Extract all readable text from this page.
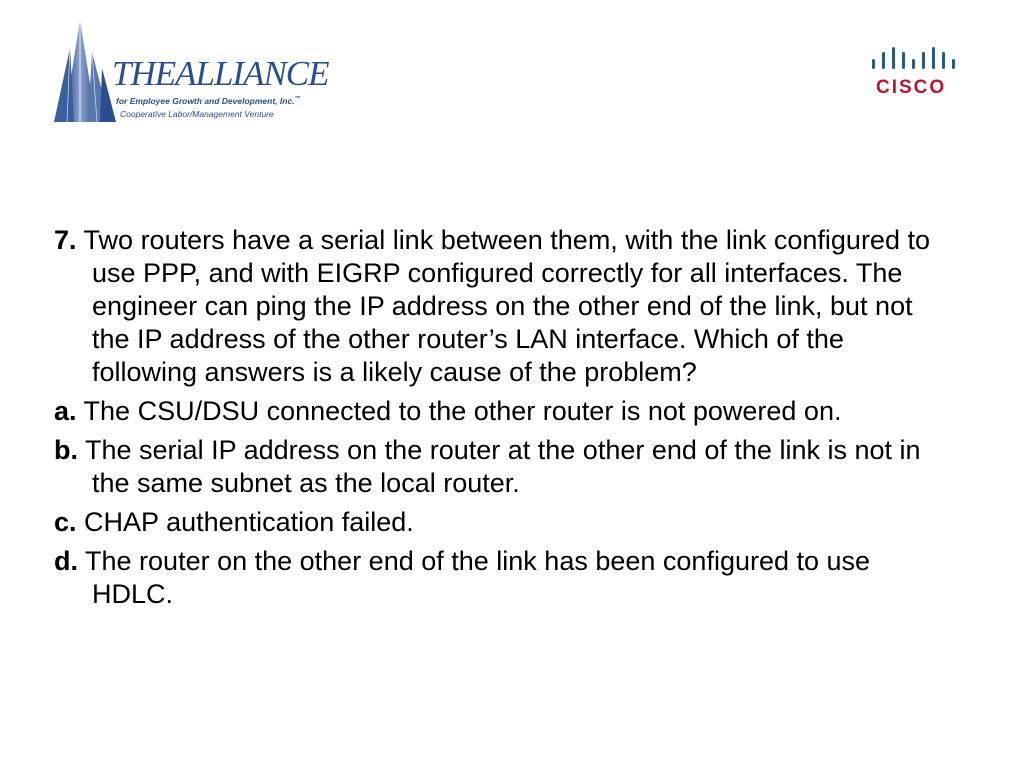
THEALLIANCE
for Employee Growth and Development, Inc.™
Cooperative Labor/Management Venture
CISCO

7. Two routers have a serial link between them, with the link configured to use PPP, and with EIGRP configured correctly for all interfaces. The engineer can ping the IP address on the other end of the link, but not the IP address of the other router’s LAN interface. Which of the following answers is a likely cause of the problem?

a. The CSU/DSU connected to the other router is not powered on.

b. The serial IP address on the router at the other end of the link is not in the same subnet as the local router.

c. CHAP authentication failed.

d. The router on the other end of the link has been configured to use HDLC.
